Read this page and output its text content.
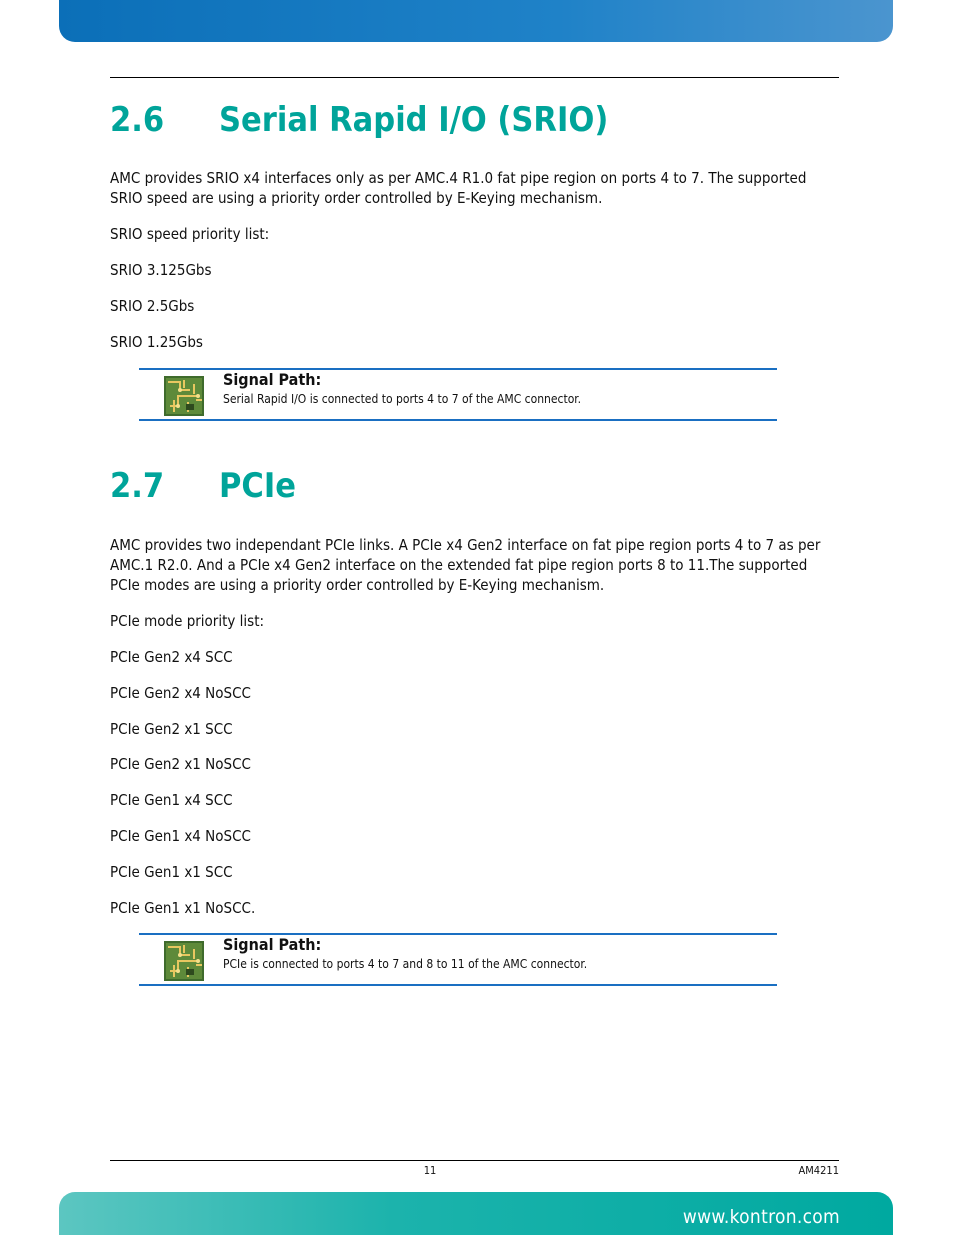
2.6 Serial Rapid I/O (SRIO)

AMC provides SRIO x4 interfaces only as per AMC.4 R1.0 fat pipe region on ports 4 to 7. The supported SRIO speed are using a priority order controlled by E-Keying mechanism.

SRIO speed priority list:

SRIO 3.125Gbs

SRIO 2.5Gbs

SRIO 1.25Gbs

Signal Path:
Serial Rapid I/O is connected to ports 4 to 7 of the AMC connector.
2.7 PCIe

AMC provides two independant PCIe links. A PCIe x4 Gen2 interface on fat pipe region ports 4 to 7 as per AMC.1 R2.0. And a PCIe x4 Gen2 interface on the extended fat pipe region ports 8 to 11.The supported PCIe modes are using a priority order controlled by E-Keying mechanism.

PCIe mode priority list:

PCIe Gen2 x4 SCC

PCIe Gen2 x4 NoSCC

PCIe Gen2 x1 SCC

PCIe Gen2 x1 NoSCC

PCIe Gen1 x4 SCC

PCIe Gen1 x4 NoSCC

PCIe Gen1 x1 SCC

PCIe Gen1 x1 NoSCC.

Signal Path:
PCIe is connected to ports 4 to 7 and 8 to 11 of the AMC connector.
11	AM4211
www.kontron.com
